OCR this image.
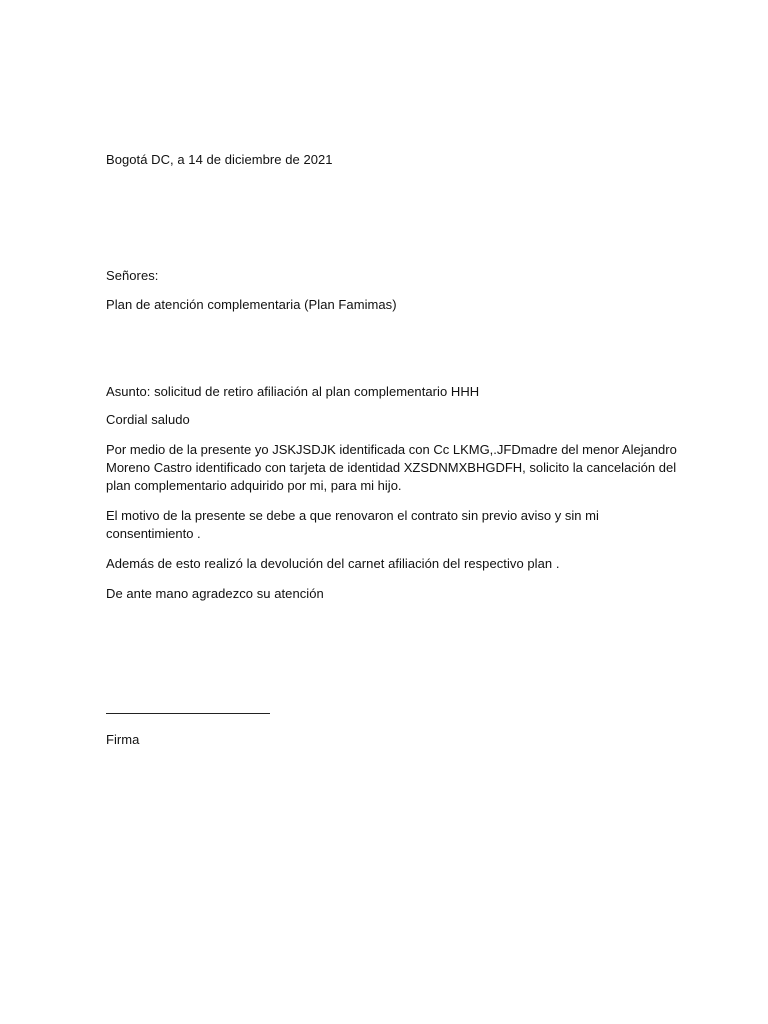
Bogotá DC, a 14 de diciembre de 2021

Señores:

Plan de atención complementaria (Plan Famimas)

Asunto: solicitud de retiro afiliación al plan complementario HHH

Cordial saludo

Por medio de la presente yo JSKJSDJK identificada con Cc LKMG,.JFDmadre del menor Alejandro
Moreno Castro identificado con tarjeta de identidad XZSDNMXBHGDFH, solicito la cancelación del
plan complementario adquirido por mi, para mi hijo.
El motivo de la presente se debe a que renovaron el contrato sin previo aviso y sin mi
consentimiento .

Además de esto realizó la devolución del carnet afiliación del respectivo plan .

De ante mano agradezco su atención

Firma
